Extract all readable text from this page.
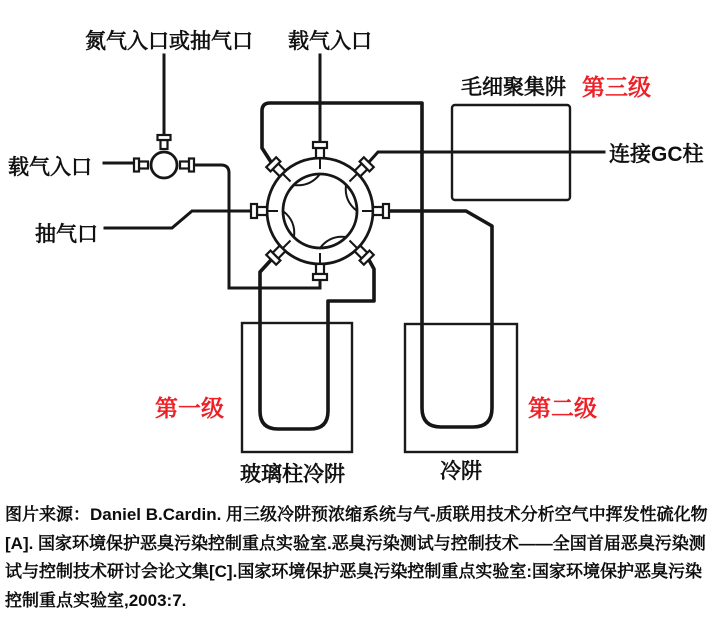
氮气入口或抽气口 载气入口
载气入口
抽气口
毛细聚集阱 第三级
连接GC柱
第一级	第二级
玻璃柱冷阱	冷阱
图片来源：Daniel B.Cardin. 用三级冷阱预浓缩系统与气-质联用技术分析空气中挥发性硫化物
[A]. 国家环境保护恶臭污染控制重点实验室.恶臭污染测试与控制技术——全国首届恶臭污染测
试与控制技术研讨会论文集[C].国家环境保护恶臭污染控制重点实验室:国家环境保护恶臭污染
控制重点实验室,2003:7.
